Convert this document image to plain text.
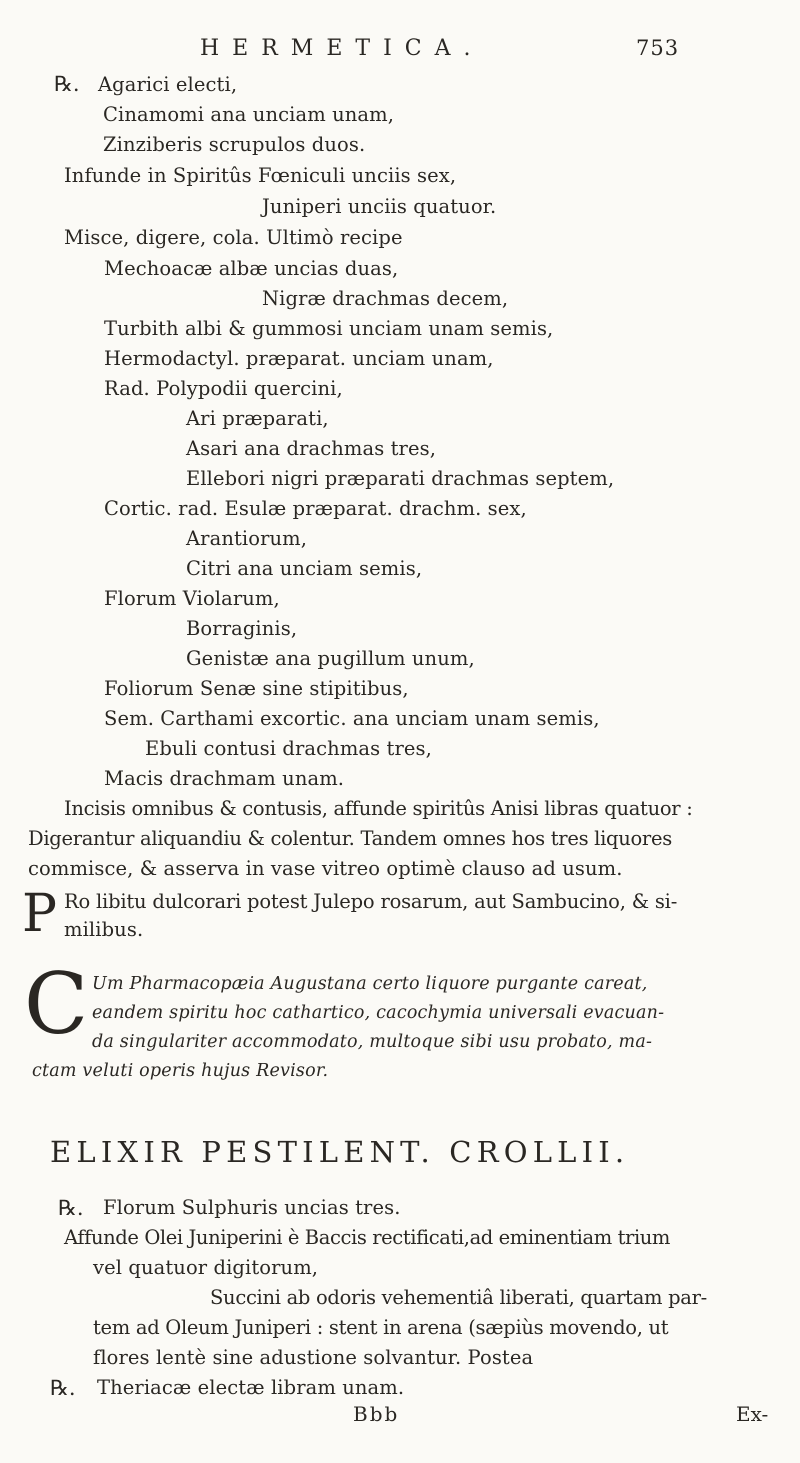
HERMETICA.	753
℞. Agarici electi,
Cinamomi ana unciam unam,
Zinziberis scrupulos duos.
Infunde in Spiritûs Fœniculi unciis sex,
Juniperi unciis quatuor.
Misce, digere, cola. Ultimò recipe
Mechoacæ albæ uncias duas,
Nigræ drachmas decem,
Turbith albi & gummosi unciam unam semis,
Hermodactyl. præparat. unciam unam,
Rad. Polypodii quercini,
Ari præparati,
Asari ana drachmas tres,
Ellebori nigri præparati drachmas septem,
Cortic. rad. Esulæ præparat. drachm. sex,
Arantiorum,
Citri ana unciam semis,
Florum Violarum,
Borraginis,
Genistæ ana pugillum unum,
Foliorum Senæ sine stipitibus,
Sem. Carthami excortic. ana unciam unam semis,
Ebuli contusi drachmas tres,
Macis drachmam unam.
Incisis omnibus & contusis, affunde spiritûs Anisi libras quatuor :
Digerantur aliquandiu & colentur. Tandem omnes hos tres liquores
commisce, & asserva in vase vitreo optimè clauso ad usum.
P Ro libitu dulcorari potest Julepo rosarum, aut Sambucino, & si-
milibus.
C Um Pharmacopæia Augustana certo liquore purgante careat,
eandem spiritu hoc cathartico, cacochymia universali evacuan-
da singulariter accommodato, multoque sibi usu probato, ma-
ctam veluti operis hujus Revisor.
ELIXIR PESTILENT. CROLLII.
℞. Florum Sulphuris uncias tres.
Affunde Olei Juniperini è Baccis rectificati,ad eminentiam trium
vel quatuor digitorum,
Succini ab odoris vehementiâ liberati, quartam par-
tem ad Oleum Juniperi : stent in arena (sæpiùs movendo, ut
flores lentè sine adustione solvantur. Postea
℞. Theriacæ electæ libram unam.
Bbb	Ex-
